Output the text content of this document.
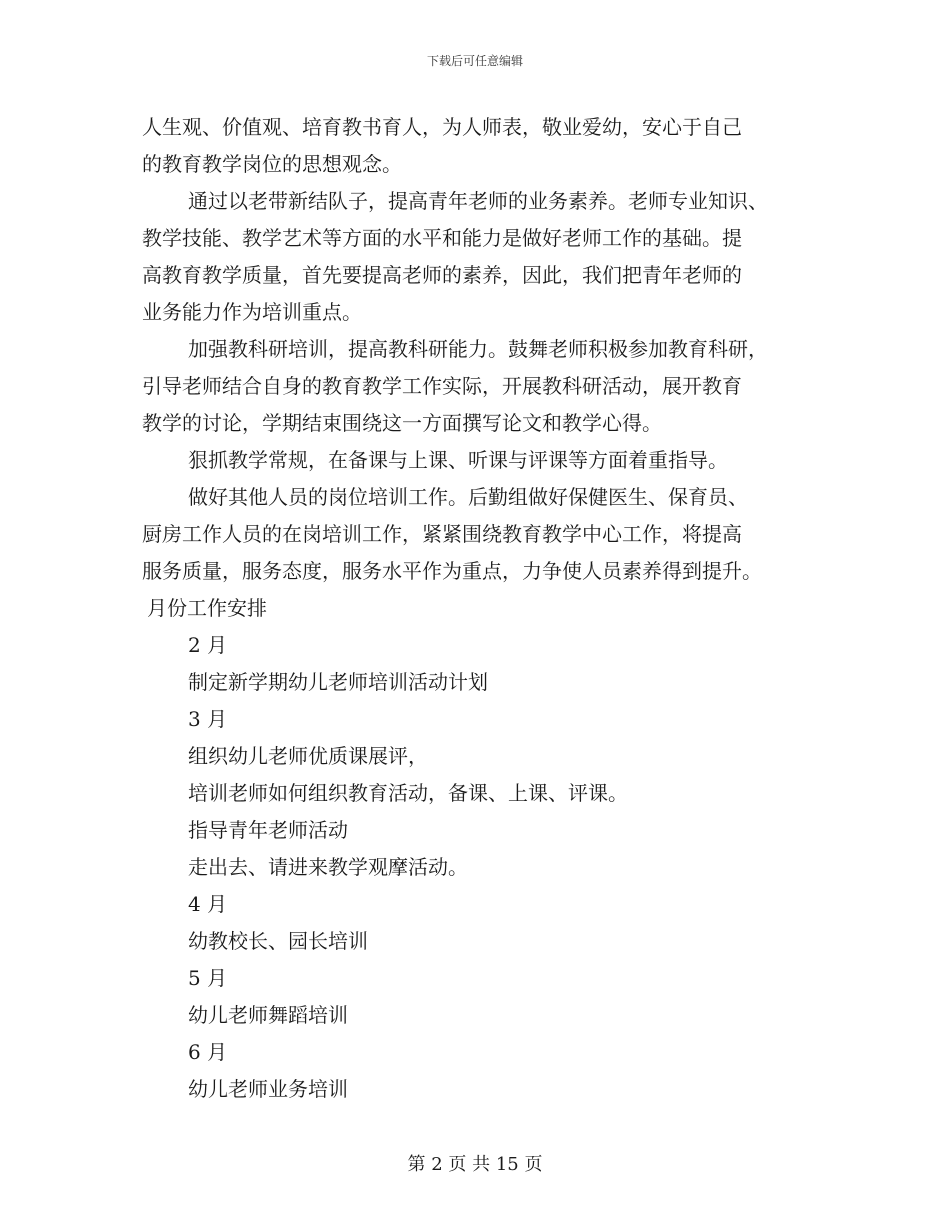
下载后可任意编辑
人生观、价值观、培育教书育人，为人师表，敬业爱幼，安心于自己
的教育教学岗位的思想观念。
通过以老带新结队子，提高青年老师的业务素养。老师专业知识、
教学技能、教学艺术等方面的水平和能力是做好老师工作的基础。提
高教育教学质量，首先要提高老师的素养，因此，我们把青年老师的
业务能力作为培训重点。
加强教科研培训，提高教科研能力。鼓舞老师积极参加教育科研，
引导老师结合自身的教育教学工作实际，开展教科研活动，展开教育
教学的讨论，学期结束围绕这一方面撰写论文和教学心得。
狠抓教学常规，在备课与上课、听课与评课等方面着重指导。
做好其他人员的岗位培训工作。后勤组做好保健医生、保育员、
厨房工作人员的在岗培训工作，紧紧围绕教育教学中心工作，将提高
服务质量，服务态度，服务水平作为重点，力争使人员素养得到提升。
月份工作安排
2 月
制定新学期幼儿老师培训活动计划
3 月
组织幼儿老师优质课展评，
培训老师如何组织教育活动，备课、上课、评课。
指导青年老师活动
走出去、请进来教学观摩活动。
4 月
幼教校长、园长培训
5 月
幼儿老师舞蹈培训
6 月
幼儿老师业务培训
第 2 页 共 15 页
